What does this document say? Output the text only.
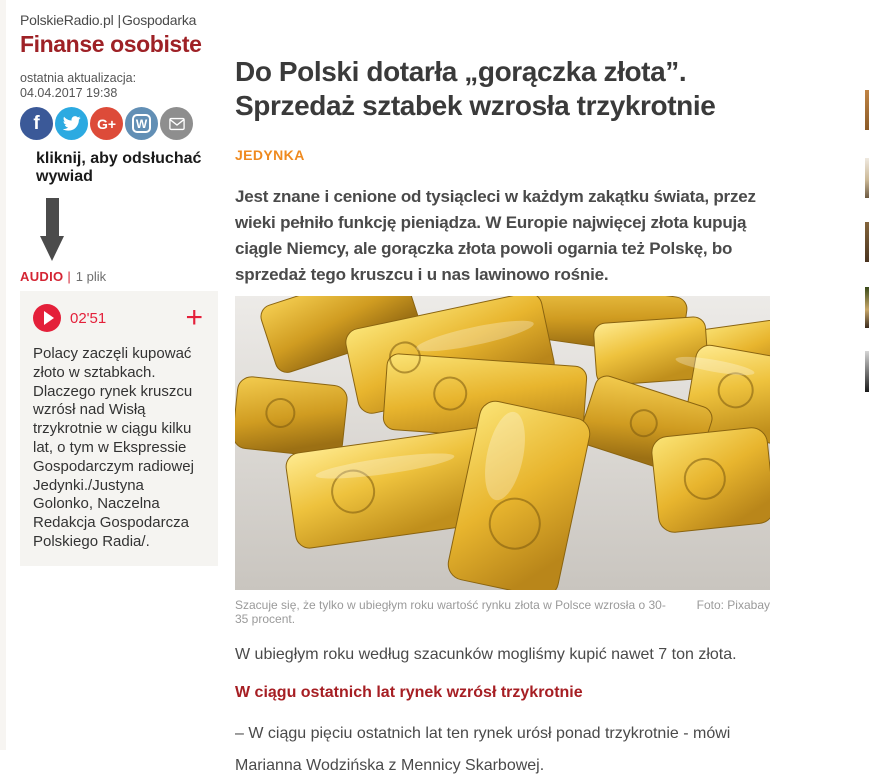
PolskieRadio.pl |Gospodarka
Finanse osobiste
ostatnia aktualizacja:
04.04.2017 19:38
f	G+	W
kliknij, aby odsłuchać wywiad
AUDIO | 1 plik
02'51	+
Polacy zaczęli kupować złoto w sztabkach. Dlaczego rynek kruszcu wzrósł nad Wisłą trzykrotnie w ciągu kilku lat, o tym w Ekspressie Gospodarczym radiowej Jedynki./Justyna Golonko, Naczelna Redakcja Gospodarcza Polskiego Radia/.
Do Polski dotarła „gorączka złota”.
Sprzedaż sztabek wzrosła trzykrotnie
JEDYNKA
Jest znane i cenione od tysiącleci w każdym zakątku świata, przez wieki pełniło funkcję pieniądza. W Europie najwięcej złota kupują ciągle Niemcy, ale gorączka złota powoli ogarnia też Polskę, bo sprzedaż tego kruszcu i u nas lawinowo rośnie.
Szacuje się, że tylko w ubiegłym roku wartość rynku złota w Polsce wzrosła o 30-35 procent.
Foto: Pixabay
W ubiegłym roku według szacunków mogliśmy kupić nawet 7 ton złota.
W ciągu ostatnich lat rynek wzrósł trzykrotnie
– W ciągu pięciu ostatnich lat ten rynek urósł ponad trzykrotnie - mówi Marianna Wodzińska z Mennicy Skarbowej.
